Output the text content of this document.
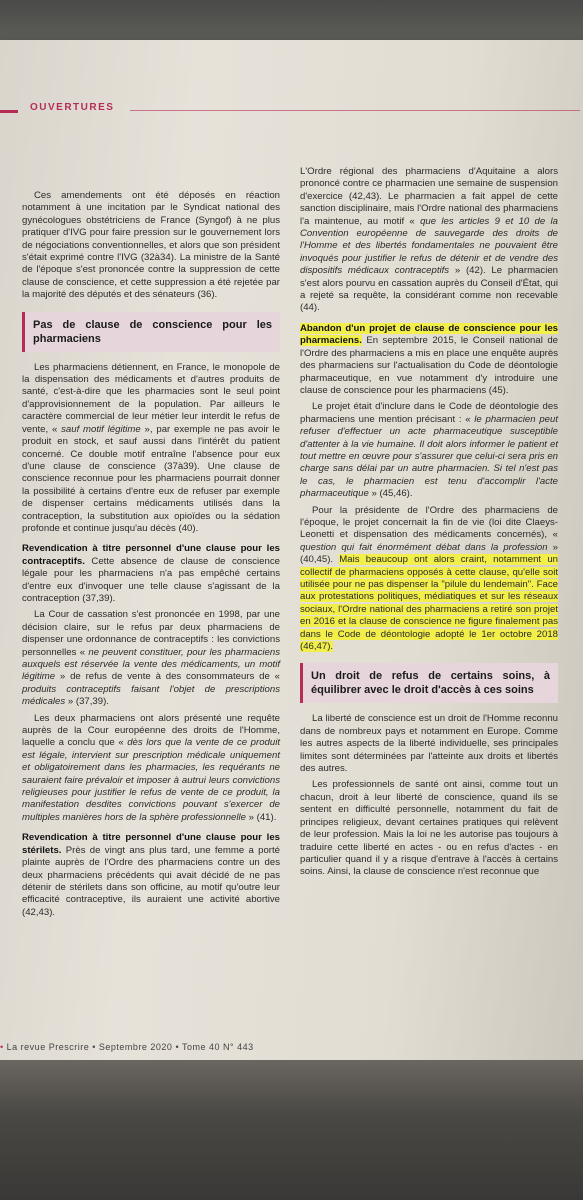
OUVERTURES

Ces amendements ont été déposés en réaction notamment à une incitation par le Syndicat national des gynécologues obstétriciens de France (Syngof) à ne plus pratiquer d'IVG pour faire pression sur le gouvernement lors de négociations conventionnelles, et alors que son président s'était exprimé contre l'IVG (32à34). La ministre de la Santé de l'époque s'est prononcée contre la suppression de cette clause de conscience, et cette suppression a été rejetée par la majorité des députés et des sénateurs (36).

Pas de clause de conscience pour les pharmaciens

Les pharmaciens détiennent, en France, le monopole de la dispensation des médicaments et d'autres produits de santé, c'est-à-dire que les pharmacies sont le seul point d'approvisionnement de la population. Par ailleurs le caractère commercial de leur métier leur interdit le refus de vente, « sauf motif légitime », par exemple ne pas avoir le produit en stock, et sauf aussi dans l'intérêt du patient concerné. Ce double motif entraîne l'absence pour eux d'une clause de conscience (37à39). Une clause de conscience reconnue pour les pharmaciens pourrait donner la possibilité à certains d'entre eux de refuser par exemple de dispenser certains médicaments utilisés dans la contraception, la substitution aux opioïdes ou la sédation profonde et continue jusqu'au décès (40).

Revendication à titre personnel d'une clause pour les contraceptifs. Cette absence de clause de conscience légale pour les pharmaciens n'a pas empêché certains d'entre eux d'invoquer une telle clause s'agissant de la contraception (37,39).

La Cour de cassation s'est prononcée en 1998, par une décision claire, sur le refus par deux pharmaciens de dispenser une ordonnance de contraceptifs : les convictions personnelles « ne peuvent constituer, pour les pharmaciens auxquels est réservée la vente des médicaments, un motif légitime » de refus de vente à des consommateurs de « produits contraceptifs faisant l'objet de prescriptions médicales » (37,39).

Les deux pharmaciens ont alors présenté une requête auprès de la Cour européenne des droits de l'Homme, laquelle a conclu que « dès lors que la vente de ce produit est légale, intervient sur prescription médicale uniquement et obligatoirement dans les pharmacies, les requérants ne sauraient faire prévaloir et imposer à autrui leurs convictions religieuses pour justifier le refus de vente de ce produit, la manifestation desdites convictions pouvant s'exercer de multiples manières hors de la sphère professionnelle » (41).

Revendication à titre personnel d'une clause pour les stérilets. Près de vingt ans plus tard, une femme a porté plainte auprès de l'Ordre des pharmaciens contre un des deux pharmaciens précédents qui avait décidé de ne pas détenir de stérilets dans son officine, au motif qu'outre leur efficacité contraceptive, ils auraient une activité abortive (42,43).

L'Ordre régional des pharmaciens d'Aquitaine a alors prononcé contre ce pharmacien une semaine de suspension d'exercice (42,43). Le pharmacien a fait appel de cette sanction disciplinaire, mais l'Ordre national des pharmaciens l'a maintenue, au motif « que les articles 9 et 10 de la Convention européenne de sauvegarde des droits de l'Homme et des libertés fondamentales ne pouvaient être invoqués pour justifier le refus de détenir et de vendre des dispositifs médicaux contraceptifs » (42). Le pharmacien s'est alors pourvu en cassation auprès du Conseil d'État, qui a rejeté sa requête, la considérant comme non recevable (44).

Abandon d'un projet de clause de conscience pour les pharmaciens. En septembre 2015, le Conseil national de l'Ordre des pharmaciens a mis en place une enquête auprès des pharmaciens sur l'actualisation du Code de déontologie pharmaceutique, en vue notamment d'y introduire une clause de conscience pour les pharmaciens (45).

Le projet était d'inclure dans le Code de déontologie des pharmaciens une mention précisant : « le pharmacien peut refuser d'effectuer un acte pharmaceutique susceptible d'attenter à la vie humaine. Il doit alors informer le patient et tout mettre en œuvre pour s'assurer que celui-ci sera pris en charge sans délai par un autre pharmacien. Si tel n'est pas le cas, le pharmacien est tenu d'accomplir l'acte pharmaceutique » (45,46).

Pour la présidente de l'Ordre des pharmaciens de l'époque, le projet concernait la fin de vie (loi dite Claeys-Leonetti et dispensation des médicaments concernés), « question qui fait énormément débat dans la profession » (40,45). Mais beaucoup ont alors craint, notamment un collectif de pharmaciens opposés à cette clause, qu'elle soit utilisée pour ne pas dispenser la "pilule du lendemain". Face aux protestations politiques, médiatiques et sur les réseaux sociaux, l'Ordre national des pharmaciens a retiré son projet en 2016 et la clause de conscience ne figure finalement pas dans le Code de déontologie adopté le 1er octobre 2018 (46,47).

Un droit de refus de certains soins, à équilibrer avec le droit d'accès à ces soins

La liberté de conscience est un droit de l'Homme reconnu dans de nombreux pays et notamment en Europe. Comme les autres aspects de la liberté individuelle, ses principales limites sont déterminées par l'atteinte aux droits et libertés des autres.

Les professionnels de santé ont ainsi, comme tout un chacun, droit à leur liberté de conscience, quand ils se sentent en difficulté personnelle, notamment du fait de principes religieux, devant certaines pratiques qui relèvent de leur profession. Mais la loi ne les autorise pas toujours à traduire cette liberté en actes - ou en refus d'actes - en particulier quand il y a risque d'entrave à l'accès à certains soins. Ainsi, la clause de conscience n'est reconnue que

• La revue Prescrire • Septembre 2020 • Tome 40 N° 443
